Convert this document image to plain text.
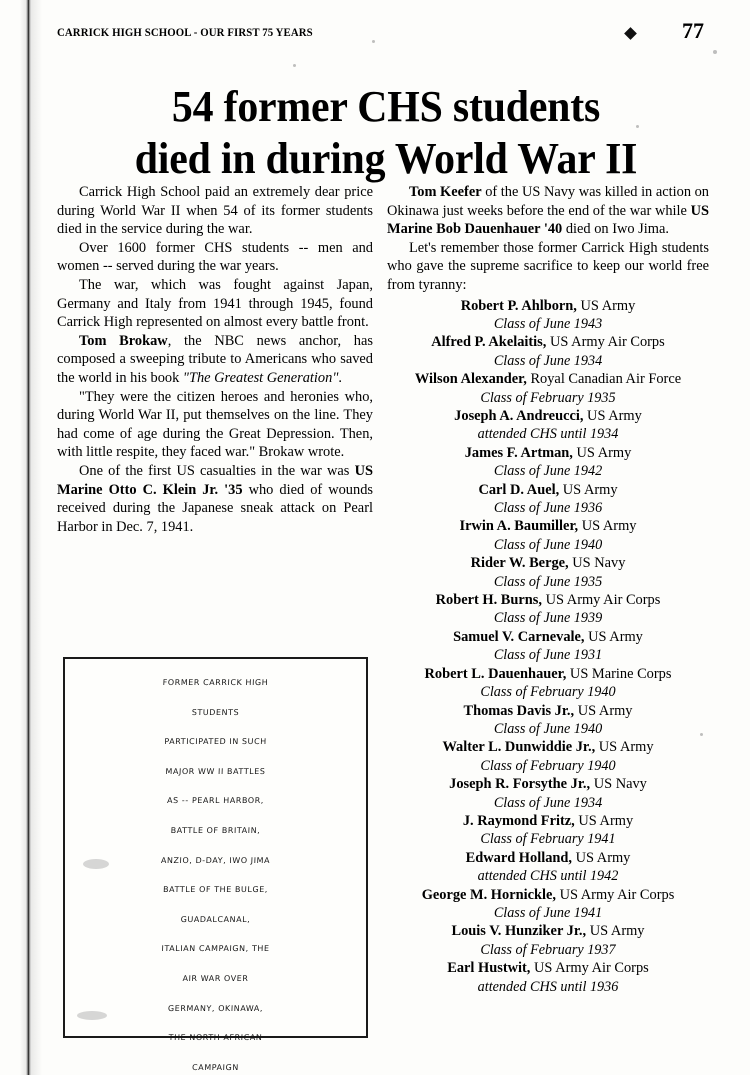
CARRICK HIGH SCHOOL - OUR FIRST 75 YEARS	77
54 former CHS students
died in during World War II

Carrick High School paid an extremely dear price during World War II when 54 of its former students died in the service during the war.

Over 1600 former CHS students -- men and women -- served during the war years.

The war, which was fought against Japan, Germany and Italy from 1941 through 1945, found Carrick High represented on almost every battle front.

Tom Brokaw, the NBC news anchor, has composed a sweeping tribute to Americans who saved the world in his book "The Greatest Generation".

"They were the citizen heroes and heronies who, during World War II, put themselves on the line. They had come of age during the Great Depression. Then, with little respite, they faced war." Brokaw wrote.

One of the first US casualties in the war was US Marine Otto C. Klein Jr. '35 who died of wounds received during the Japanese sneak attack on Pearl Harbor in Dec. 7, 1941.

FORMER CARRICK HIGH
STUDENTS
PARTICIPATED IN SUCH
MAJOR WW II BATTLES
AS -- PEARL HARBOR,
BATTLE OF BRITAIN,
ANZIO, D-DAY, IWO JIMA
BATTLE OF THE BULGE,
GUADALCANAL,
ITALIAN CAMPAIGN, THE
AIR WAR OVER
GERMANY, OKINAWA,
THE NORTH AFRICAN
CAMPAIGN

Tom Keefer of the US Navy was killed in action on Okinawa just weeks before the end of the war while US Marine Bob Dauenhauer '40 died on Iwo Jima.

Let's remember those former Carrick High students who gave the supreme sacrifice to keep our world free from tyranny:

Robert P. Ahlborn, US Army
Class of June 1943
Alfred P. Akelaitis, US Army Air Corps
Class of June 1934
Wilson Alexander, Royal Canadian Air Force
Class of February 1935
Joseph A. Andreucci, US Army
attended CHS until 1934
James F. Artman, US Army
Class of June 1942
Carl D. Auel, US Army
Class of June 1936
Irwin A. Baumiller, US Army
Class of June 1940
Rider W. Berge, US Navy
Class of June 1935
Robert H. Burns, US Army Air Corps
Class of June 1939
Samuel V. Carnevale, US Army
Class of June 1931
Robert L. Dauenhauer, US Marine Corps
Class of February 1940
Thomas Davis Jr., US Army
Class of June 1940
Walter L. Dunwiddie Jr., US Army
Class of February 1940
Joseph R. Forsythe Jr., US Navy
Class of June 1934
J. Raymond Fritz, US Army
Class of February 1941
Edward Holland, US Army
attended CHS until 1942
George M. Hornickle, US Army Air Corps
Class of June 1941
Louis V. Hunziker Jr., US Army
Class of February 1937
Earl Hustwit, US Army Air Corps
attended CHS until 1936
